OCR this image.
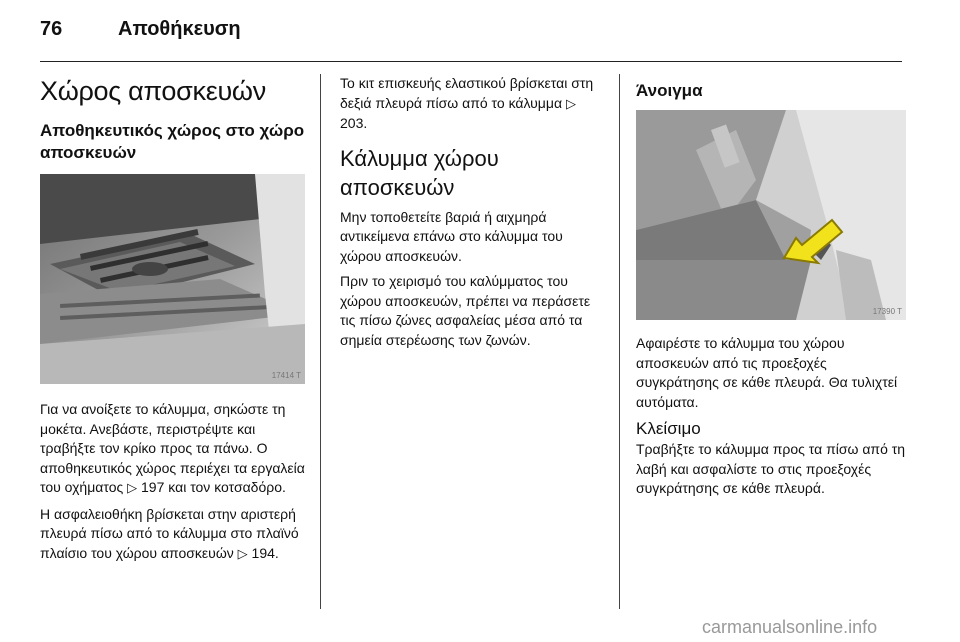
76	Αποθήκευση
Χώρος αποσκευών
Αποθηκευτικός χώρος στο χώρο αποσκευών
17414 T

Για να ανοίξετε το κάλυμμα, σηκώστε τη μοκέτα. Ανεβάστε, περιστρέψτε και τραβήξτε τον κρίκο προς τα πάνω. Ο αποθηκευτικός χώρος περιέχει τα εργαλεία του οχήματος ▷ 197 και τον κοτσαδόρο.

Η ασφαλειοθήκη βρίσκεται στην αριστερή πλευρά πίσω από το κάλυμμα στο πλαϊνό πλαίσιο του χώρου αποσκευών ▷ 194.

Το κιτ επισκευής ελαστικού βρίσκεται στη δεξιά πλευρά πίσω από το κάλυμμα ▷ 203.

Κάλυμμα χώρου αποσκευών

Μην τοποθετείτε βαριά ή αιχμηρά αντικείμενα επάνω στο κάλυμμα του χώρου αποσκευών.

Πριν το χειρισμό του καλύμματος του χώρου αποσκευών, πρέπει να περάσετε τις πίσω ζώνες ασφαλείας μέσα από τα σημεία στερέωσης των ζωνών.

Άνοιγμα
17390 T

Αφαιρέστε το κάλυμμα του χώρου αποσκευών από τις προεξοχές συγκράτησης σε κάθε πλευρά. Θα τυλιχτεί αυτόματα.

Κλείσιμο

Τραβήξτε το κάλυμμα προς τα πίσω από τη λαβή και ασφαλίστε το στις προεξοχές συγκράτησης σε κάθε πλευρά.

carmanualsonline.info
